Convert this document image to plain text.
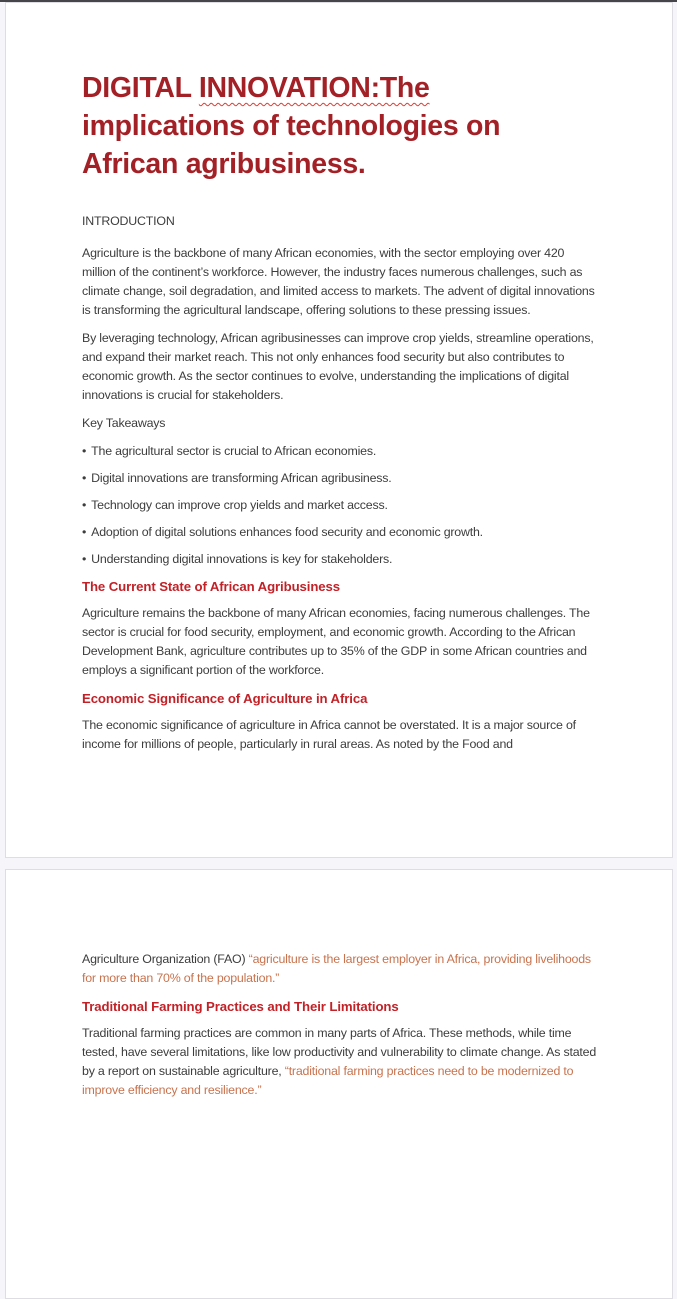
DIGITAL INNOVATION:The implications of technologies on African agribusiness.

INTRODUCTION

Agriculture is the backbone of many African economies, with the sector employing over 420 million of the continent’s workforce. However, the industry faces numerous challenges, such as climate change, soil degradation, and limited access to markets. The advent of digital innovations is transforming the agricultural landscape, offering solutions to these pressing issues.

By leveraging technology, African agribusinesses can improve crop yields, streamline operations, and expand their market reach. This not only enhances food security but also contributes to economic growth. As the sector continues to evolve, understanding the implications of digital innovations is crucial for stakeholders.

Key Takeaways

• The agricultural sector is crucial to African economies.

• Digital innovations are transforming African agribusiness.

• Technology can improve crop yields and market access.

• Adoption of digital solutions enhances food security and economic growth.

• Understanding digital innovations is key for stakeholders.

The Current State of African Agribusiness

Agriculture remains the backbone of many African economies, facing numerous challenges. The sector is crucial for food security, employment, and economic growth. According to the African Development Bank, agriculture contributes up to 35% of the GDP in some African countries and employs a significant portion of the workforce.

Economic Significance of Agriculture in Africa

The economic significance of agriculture in Africa cannot be overstated. It is a major source of income for millions of people, particularly in rural areas. As noted by the Food and

Agriculture Organization (FAO) “agriculture is the largest employer in Africa, providing livelihoods for more than 70% of the population.”

Traditional Farming Practices and Their Limitations

Traditional farming practices are common in many parts of Africa. These methods, while time tested, have several limitations, like low productivity and vulnerability to climate change. As stated by a report on sustainable agriculture, “traditional farming practices need to be modernized to improve efficiency and resilience.”
